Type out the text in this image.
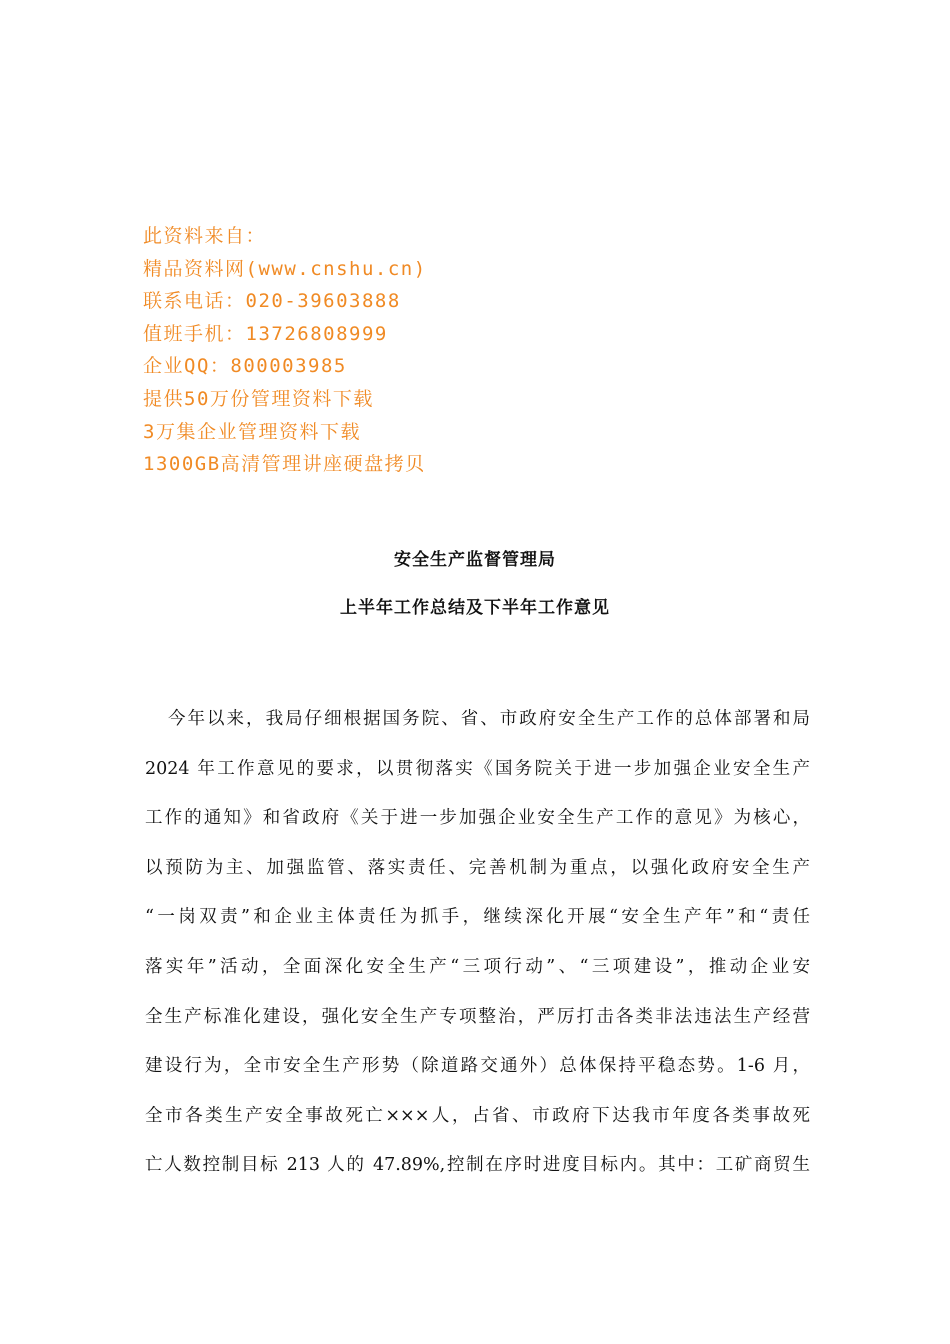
此资料来自：
精品资料网(www.cnshu.cn)
联系电话：020-39603888
值班手机：13726808999
企业QQ：800003985
提供50万份管理资料下载
3万集企业管理资料下载
1300GB高清管理讲座硬盘拷贝
安全生产监督管理局
上半年工作总结及下半年工作意见
今年以来，我局仔细根据国务院、省、市政府安全生产工作的总体部署和局
2024 年工作意见的要求，以贯彻落实《国务院关于进一步加强企业安全生产
工作的通知》和省政府《关于进一步加强企业安全生产工作的意见》为核心，
以预防为主、加强监管、落实责任、完善机制为重点，以强化政府安全生产
“一岗双责”和企业主体责任为抓手，继续深化开展“安全生产年”和“责任
落实年”活动，全面深化安全生产“三项行动”、“三项建设”，推动企业安
全生产标准化建设，强化安全生产专项整治，严厉打击各类非法违法生产经营
建设行为，全市安全生产形势（除道路交通外）总体保持平稳态势。1-6 月，
全市各类生产安全事故死亡×××人，占省、市政府下达我市年度各类事故死
亡人数控制目标 213 人的 47.89%,控制在序时进度目标内。其中：工矿商贸生
